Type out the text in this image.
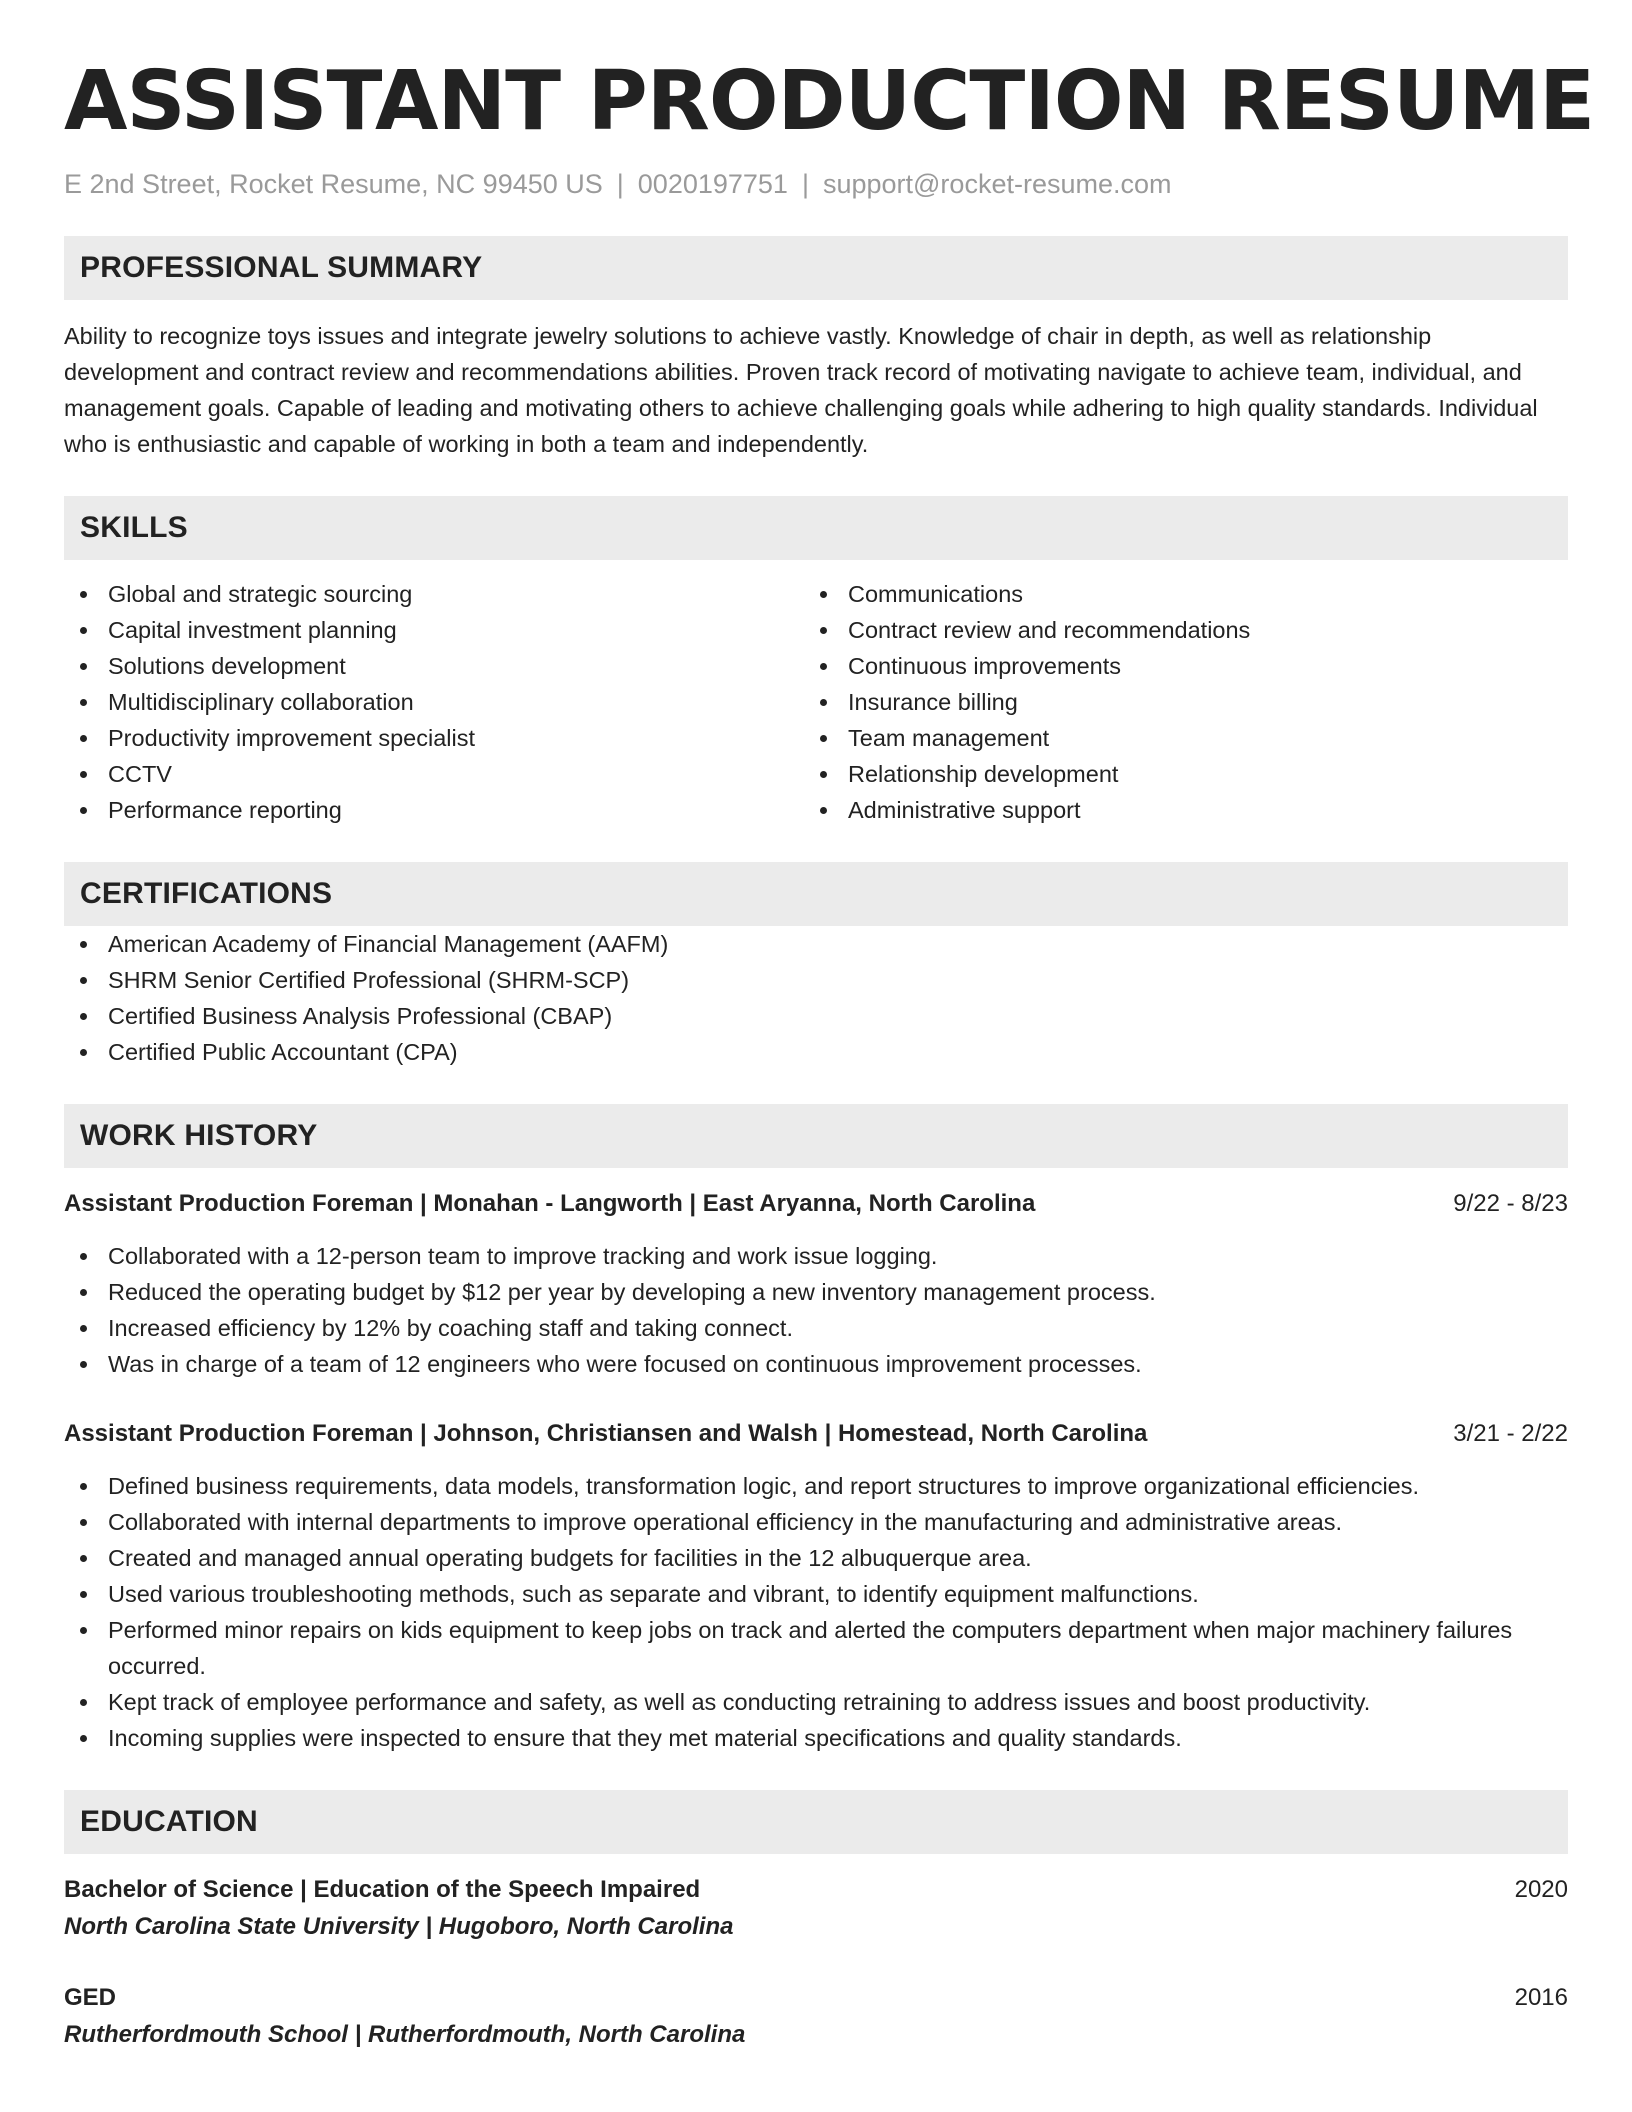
ASSISTANT PRODUCTION RESUME
E 2nd Street, Rocket Resume, NC 99450 US | 0020197751 | support@rocket-resume.com
PROFESSIONAL SUMMARY

Ability to recognize toys issues and integrate jewelry solutions to achieve vastly. Knowledge of chair in depth, as well as relationship development and contract review and recommendations abilities. Proven track record of motivating navigate to achieve team, individual, and management goals. Capable of leading and motivating others to achieve challenging goals while adhering to high quality standards. Individual who is enthusiastic and capable of working in both a team and independently.

SKILLS
Global and strategic sourcing
Capital investment planning
Solutions development
Multidisciplinary collaboration
Productivity improvement specialist
CCTV
Performance reporting
Communications
Contract review and recommendations
Continuous improvements
Insurance billing
Team management
Relationship development
Administrative support
CERTIFICATIONS
American Academy of Financial Management (AAFM)
SHRM Senior Certified Professional (SHRM-SCP)
Certified Business Analysis Professional (CBAP)
Certified Public Accountant (CPA)
WORK HISTORY
Assistant Production Foreman | Monahan - Langworth | East Aryanna, North Carolina	9/22 - 8/23
Collaborated with a 12-person team to improve tracking and work issue logging.
Reduced the operating budget by $12 per year by developing a new inventory management process.
Increased efficiency by 12% by coaching staff and taking connect.
Was in charge of a team of 12 engineers who were focused on continuous improvement processes.
Assistant Production Foreman | Johnson, Christiansen and Walsh | Homestead, North Carolina	3/21 - 2/22
Defined business requirements, data models, transformation logic, and report structures to improve organizational efficiencies.
Collaborated with internal departments to improve operational efficiency in the manufacturing and administrative areas.
Created and managed annual operating budgets for facilities in the 12 albuquerque area.
Used various troubleshooting methods, such as separate and vibrant, to identify equipment malfunctions.
Performed minor repairs on kids equipment to keep jobs on track and alerted the computers department when major machinery failures occurred.
Kept track of employee performance and safety, as well as conducting retraining to address issues and boost productivity.
Incoming supplies were inspected to ensure that they met material specifications and quality standards.
EDUCATION
Bachelor of Science | Education of the Speech Impaired	2020
North Carolina State University | Hugoboro, North Carolina
GED	2016
Rutherfordmouth School | Rutherfordmouth, North Carolina
